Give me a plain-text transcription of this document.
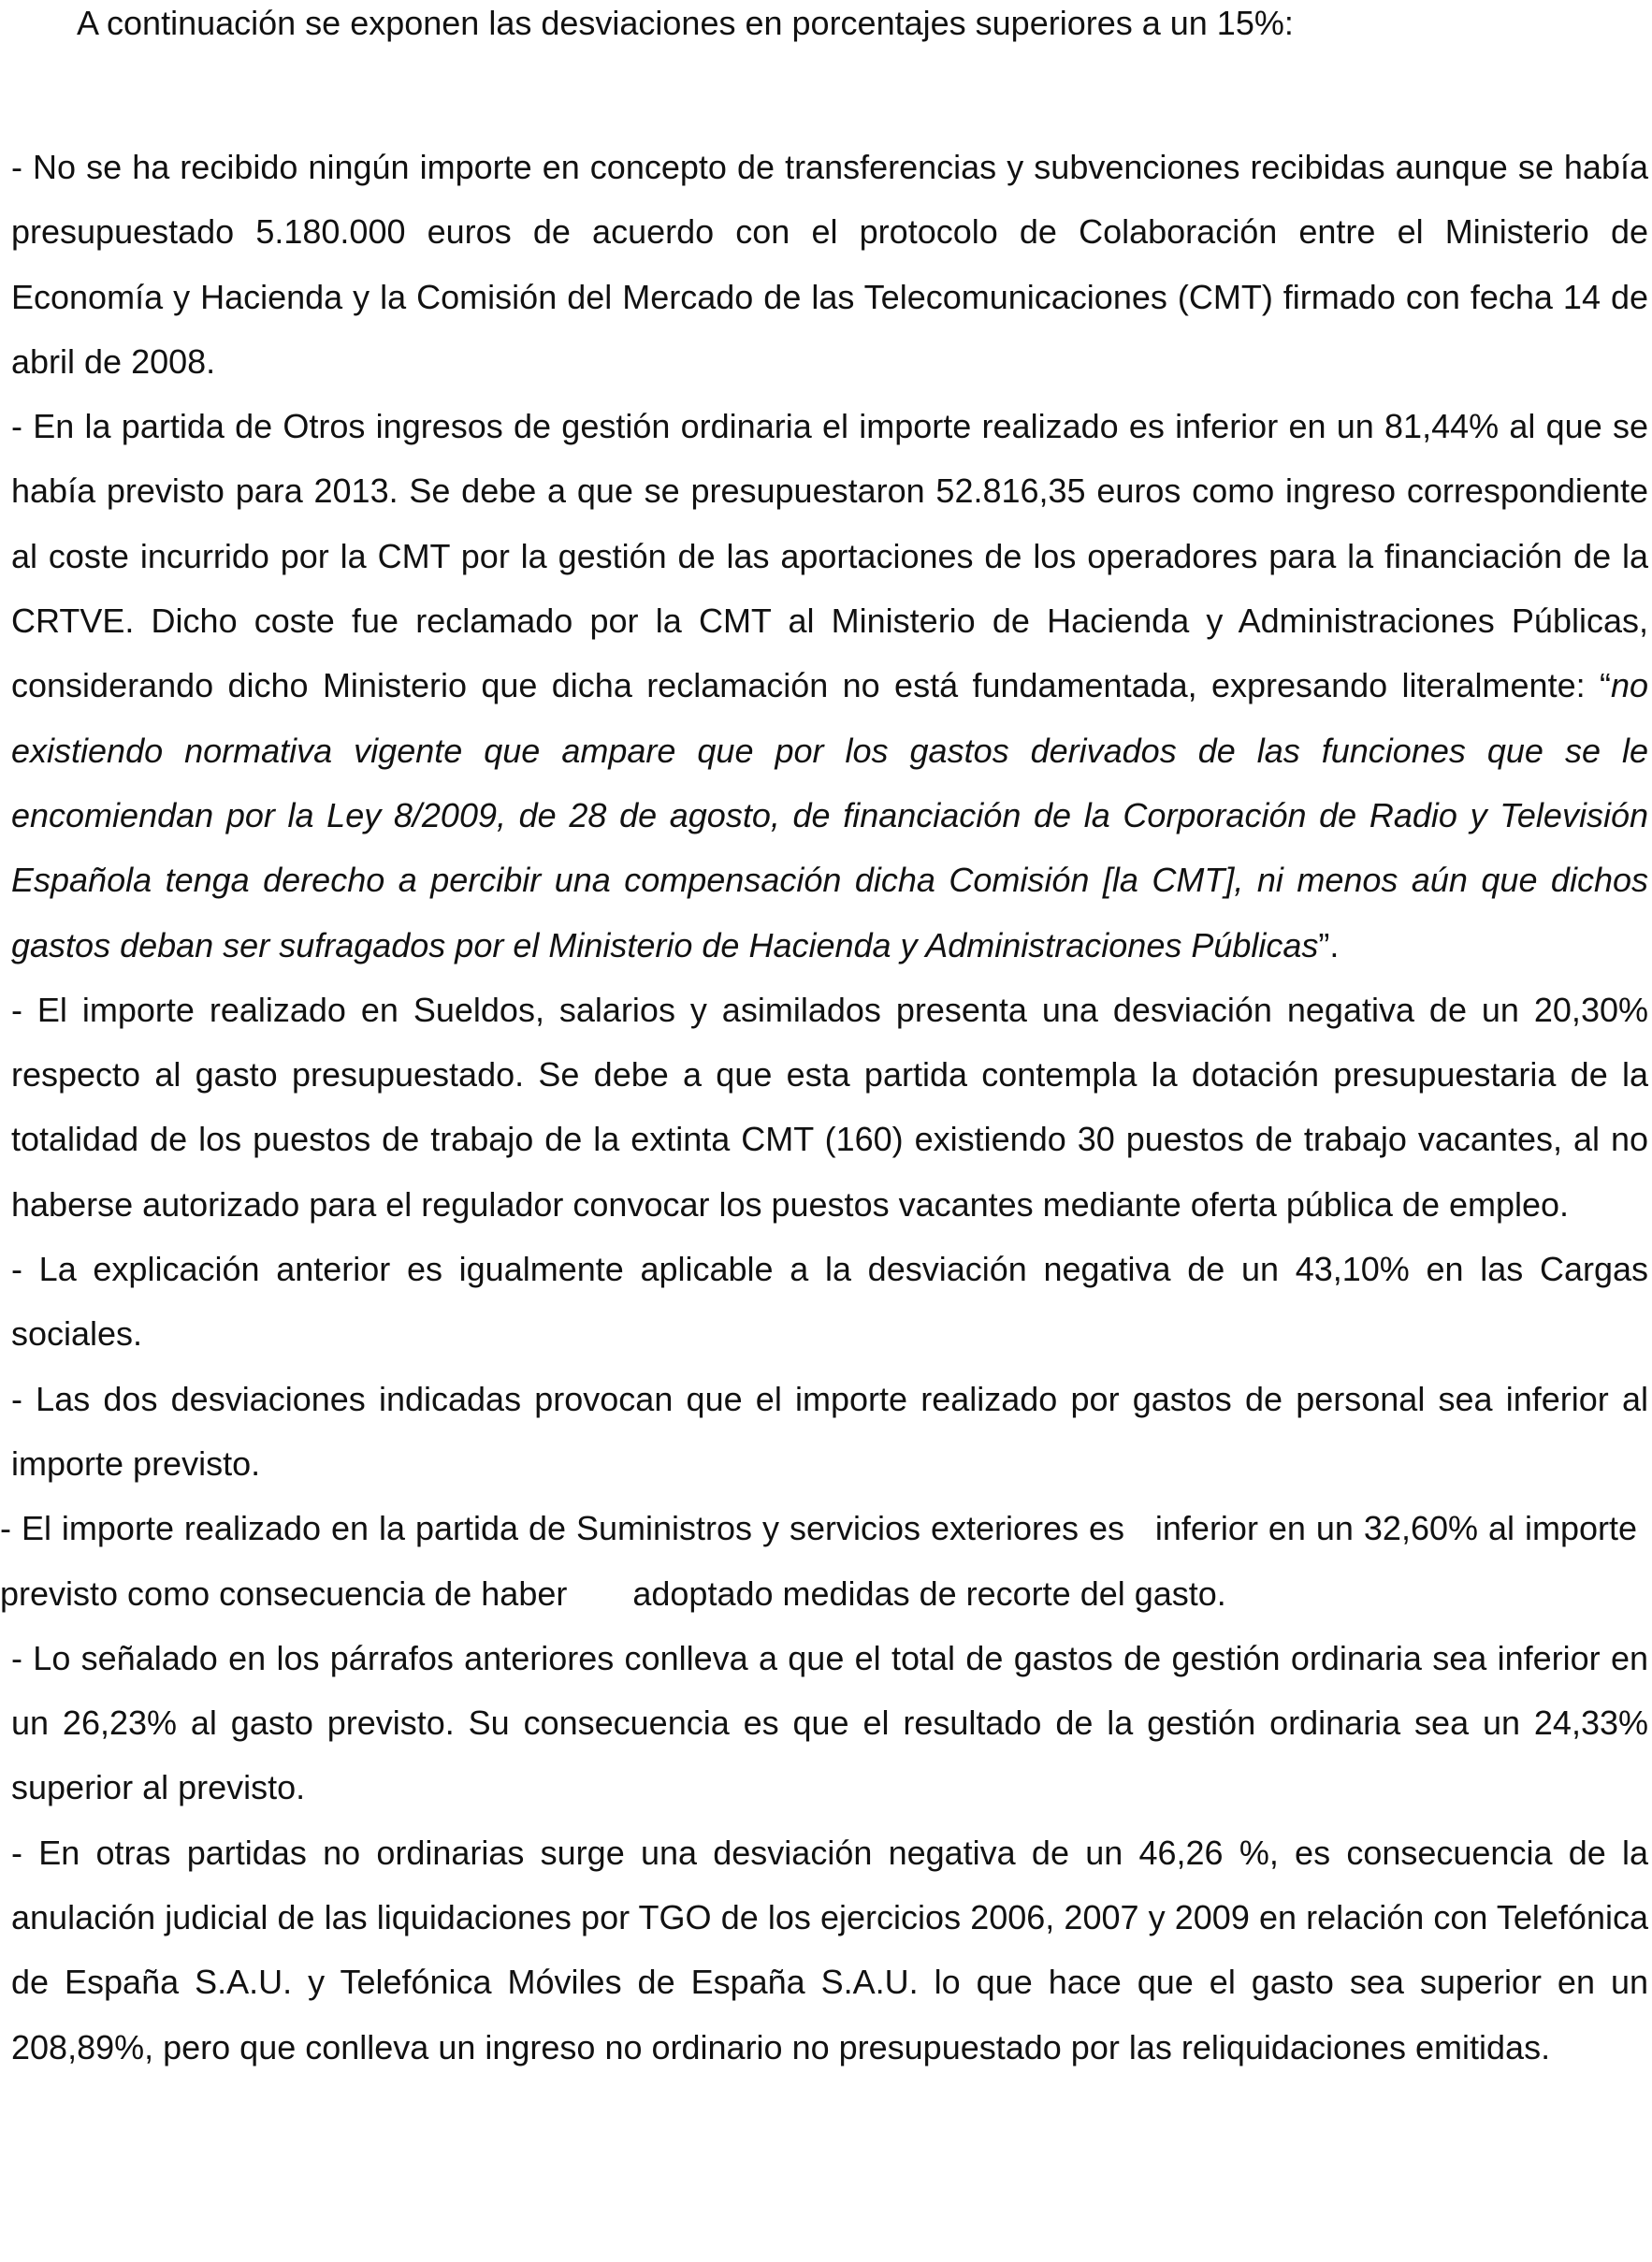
A continuación se exponen las desviaciones en porcentajes superiores a un 15%:

- No se ha recibido ningún importe en concepto de transferencias y subvenciones recibidas aunque se había presupuestado 5.180.000 euros de acuerdo con el protocolo de Colaboración entre el Ministerio de Economía y Hacienda y la Comisión del Mercado de las Telecomunicaciones (CMT) firmado con fecha 14 de abril de 2008.

- En la partida de Otros ingresos de gestión ordinaria el importe realizado es inferior en un 81,44% al que se había previsto para 2013. Se debe a que se presupuestaron 52.816,35 euros como ingreso correspondiente al coste incurrido por la CMT por la gestión de las aportaciones de los operadores para la financiación de la CRTVE. Dicho coste fue reclamado por la CMT al Ministerio de Hacienda y Administraciones Públicas, considerando dicho Ministerio que dicha reclamación no está fundamentada, expresando literalmente: “no existiendo normativa vigente que ampare que por los gastos derivados de las funciones que se le encomiendan por la Ley 8/2009, de 28 de agosto, de financiación de la Corporación de Radio y Televisión Española tenga derecho a percibir una compensación dicha Comisión [la CMT], ni menos aún que dichos gastos deban ser sufragados por el Ministerio de Hacienda y Administraciones Públicas”.

- El importe realizado en Sueldos, salarios y asimilados presenta una desviación negativa de un 20,30% respecto al gasto presupuestado. Se debe a que esta partida contempla la dotación presupuestaria de la totalidad de los puestos de trabajo de la extinta CMT (160) existiendo 30 puestos de trabajo vacantes, al no haberse autorizado para el regulador convocar los puestos vacantes mediante oferta pública de empleo.

- La explicación anterior es igualmente aplicable a la desviación negativa de un 43,10% en las Cargas sociales.

- Las dos desviaciones indicadas provocan que el importe realizado por gastos de personal sea inferior al importe previsto.

- El importe realizado en la partida de Suministros y servicios exteriores es   inferior en un 32,60% al importe previsto como consecuencia de haber       adoptado medidas de recorte del gasto.

- Lo señalado en los párrafos anteriores conlleva a que el total de gastos de gestión ordinaria sea inferior en un 26,23% al gasto previsto. Su consecuencia es que el resultado de la gestión ordinaria sea un 24,33% superior al previsto.

- En otras partidas no ordinarias surge una desviación negativa de un 46,26 %, es consecuencia de la anulación judicial de las liquidaciones por TGO de los ejercicios 2006, 2007 y 2009 en relación con Telefónica de España S.A.U. y Telefónica Móviles de España S.A.U. lo que hace que el gasto sea superior en un 208,89%, pero que conlleva un ingreso no ordinario no presupuestado por las reliquidaciones emitidas.
